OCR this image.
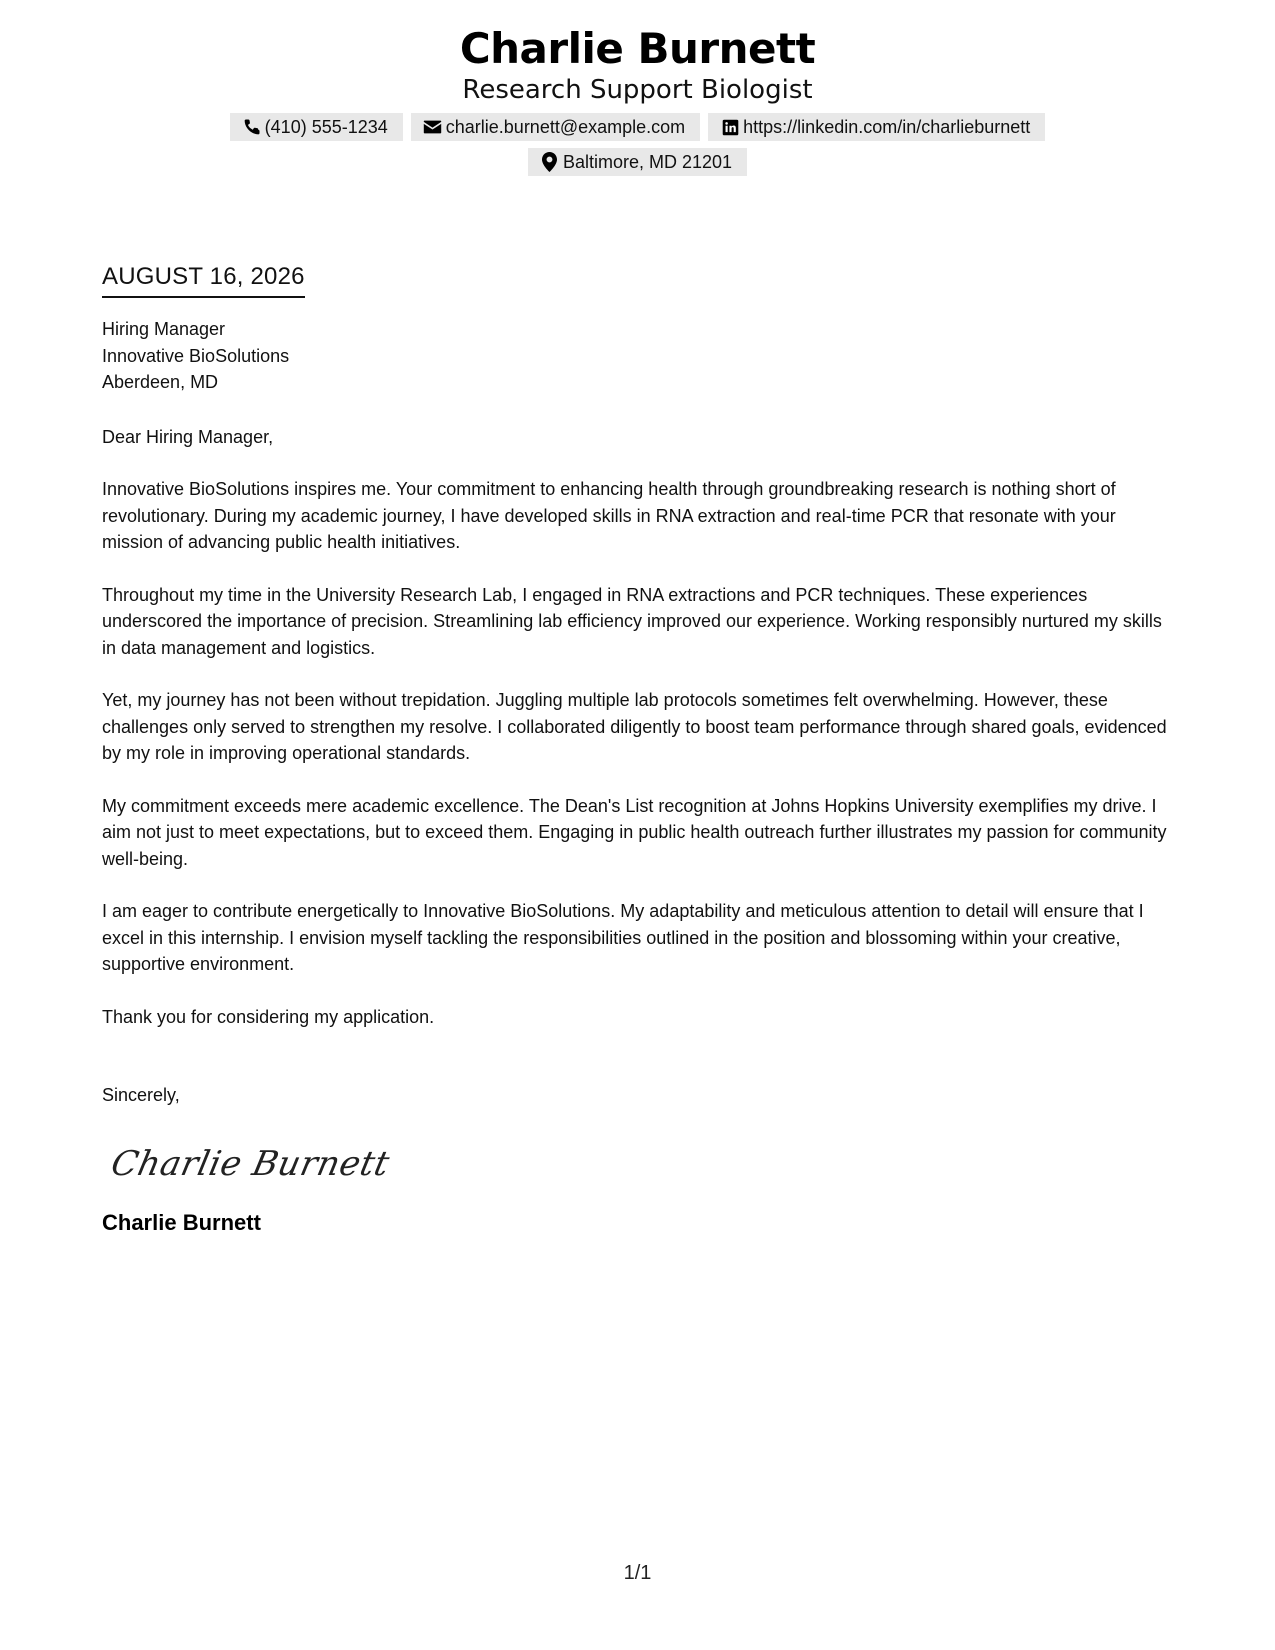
Charlie Burnett
Research Support Biologist
(410) 555-1234	charlie.burnett@example.com	https://linkedin.com/in/charlieburnett
Baltimore, MD 21201
AUGUST 16, 2026
Hiring Manager
Innovative BioSolutions
Aberdeen, MD
Dear Hiring Manager,

Innovative BioSolutions inspires me. Your commitment to enhancing health through groundbreaking research is nothing short of revolutionary. During my academic journey, I have developed skills in RNA extraction and real-time PCR that resonate with your mission of advancing public health initiatives.

Throughout my time in the University Research Lab, I engaged in RNA extractions and PCR techniques. These experiences underscored the importance of precision. Streamlining lab efficiency improved our experience. Working responsibly nurtured my skills in data management and logistics.

Yet, my journey has not been without trepidation. Juggling multiple lab protocols sometimes felt overwhelming. However, these challenges only served to strengthen my resolve. I collaborated diligently to boost team performance through shared goals, evidenced by my role in improving operational standards.

My commitment exceeds mere academic excellence. The Dean's List recognition at Johns Hopkins University exemplifies my drive. I aim not just to meet expectations, but to exceed them. Engaging in public health outreach further illustrates my passion for community well-being.

I am eager to contribute energetically to Innovative BioSolutions. My adaptability and meticulous attention to detail will ensure that I excel in this internship. I envision myself tackling the responsibilities outlined in the position and blossoming within your creative, supportive environment.

Thank you for considering my application.

Sincerely,
Charlie Burnett
Charlie Burnett
1/1
